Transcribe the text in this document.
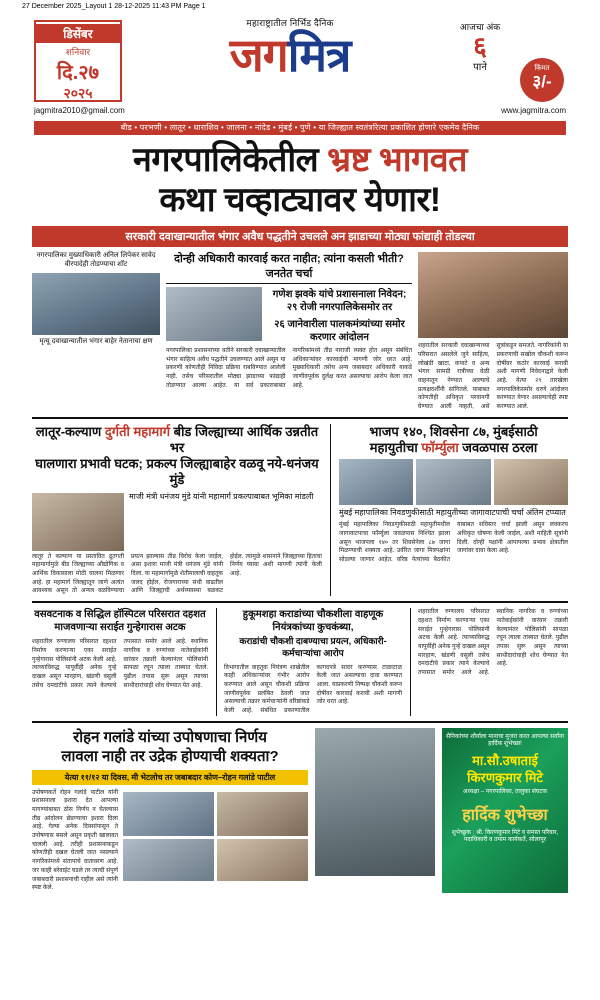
27 December 2025_Layout 1 28-12-2025 11:43 PM Page 1
डिसेंबर
शनिवार
दि.२७
२०२५
महाराष्ट्रातील निर्भिड दैनिक
जगमित्र
आजचा अंक
६
पाने	किंमत
३/-
jagmitra2010@gmail.com	www.jagmitra.com
बीड • परभणी • लातूर • धाराशिव • जालना • नांदेड • मुंबई • पुणे • या जिल्ह्यात स्वतंत्ररित्या प्रकाशित होणारे एकमेव दैनिक
नगरपालिकेतील भ्रष्ट भागवत
कथा चव्हाट्यावर येणार!
सरकारी दवाखान्यातील भंगार अवैध पद्धतीने उचलले अन झाडाच्या मोठ्या फांद्याही तोडल्या
नगरपालिका मुख्याधिकारी अनिल लिपेकर सावेद वीरपादेही तोडण्याचा शॉट
मृत्यू दवाखान्यातील भंगार बाहेर नेतानाचा क्षण
दोन्ही अधिकारी कारवाई करत नाहीत; त्यांना कसली भीती? जनतेत चर्चा
गणेश झवके यांचे प्रशासनाला निवेदन; २९ रोजी नगरपालिकेसमोर तर
२६ जानेवारीला पालकमंत्र्यांच्या समोर करणार आंदोलन
नगरपालिका प्रशासनाच्या वतीने सरकारी दवाखान्यातील भंगार साहित्य अवैध पद्धतीने उचलण्यात आले असून या प्रकरणी कोणतीही निविदा प्रक्रिया राबविण्यात आलेली नाही. तसेच परिसरातील मोठ्या झाडाच्या फांद्याही तोडण्यात आल्या आहेत. या सर्व प्रकाराबाबत नागरिकांमध्ये तीव्र नाराजी व्यक्त होत असून संबंधित अधिकाऱ्यांवर कारवाईची मागणी जोर धरत आहे. मुख्याधिकारी तसेच अन्य जबाबदार अधिकारी याकडे जाणीवपूर्वक दुर्लक्ष करत असल्याचा आरोप केला जात आहे.
शहरातील सरकारी दवाखान्याच्या परिसरात असलेले जुने साहित्य, लोखंडी खाटा, कपाटे व अन्य भंगार सामग्री रात्रीच्या वेळी वाहनातून नेण्यात आल्याचे प्रत्यक्षदर्शींनी सांगितले. याबाबत कोणतीही अधिकृत परवानगी घेण्यात आली नव्हती, असे सूत्रांकडून समजते. नागरिकांनी या प्रकरणाची सखोल चौकशी करून दोषींवर कठोर कारवाई करावी अशी मागणी निवेदनाद्वारे केली आहे. येत्या २९ तारखेला नगरपालिकेसमोर धरणे आंदोलन करण्यात येणार असल्याचेही स्पष्ट करण्यात आले.
लातूर-कल्याण दुर्गती महामार्ग बीड जिल्ह्याच्या आर्थिक उन्नतीत भर
घालणारा प्रभावी घटक; प्रकल्प जिल्ह्याबाहेर वळवू नये-धनंजय मुंडे
माजी मंत्री धनंजय मुंडे यांनी महामार्ग प्रकल्पाबाबत भूमिका मांडली
लातूर ते कल्याण या प्रस्तावित द्रुतगती महामार्गामुळे बीड जिल्ह्याच्या औद्योगिक व आर्थिक विकासाला मोठी चालना मिळणार आहे. हा महामार्ग जिल्ह्यातून जाणे अत्यंत आवश्यक असून तो अन्यत्र वळविण्याचा प्रयत्न झाल्यास तीव्र विरोध केला जाईल, असा इशारा माजी मंत्री धनंजय मुंडे यांनी दिला. या महामार्गामुळे शेतीमालाची वाहतूक जलद होईल, रोजगाराच्या संधी वाढतील आणि जिल्ह्याची अर्थव्यवस्था बळकट होईल. त्यामुळे शासनाने जिल्ह्याच्या हिताचा निर्णय घ्यावा अशी मागणी त्यांनी केली आहे.
भाजप १४०, शिवसेना ८७, मुंबईसाठी
महायुतीचा फॉर्म्युला जवळपास ठरला
मुंबई महापालिका निवडणुकीसाठी महायुतीच्या जागावाटपाची चर्चा अंतिम टप्प्यात
मुंबई महापालिका निवडणुकीसाठी महायुतीमधील जागावाटपाचा फॉर्म्युला जवळपास निश्चित झाला असून भाजपला १४० तर शिवसेनेला ८७ जागा मिळण्याची शक्यता आहे. उर्वरित जागा मित्रपक्षांना सोडल्या जाणार आहेत. वरिष्ठ नेत्यांच्या बैठकीत याबाबत सविस्तर चर्चा झाली असून लवकरच अधिकृत घोषणा केली जाईल, अशी माहिती सूत्रांनी दिली. दोन्ही पक्षांनी आपापल्या प्रभाव क्षेत्रातील जागांवर दावा केला आहे.
वसवटनाक व सिद्धिल हॉस्पिटल परिसरात दहशत माजवणाऱ्या सराईत गुन्हेगारास अटक
शहरातील रुग्णालय परिसरात दहशत निर्माण करणाऱ्या एका सराईत गुन्हेगारास पोलिसांनी अटक केली आहे. त्याच्याविरुद्ध यापूर्वीही अनेक गुन्हे दाखल असून मारहाण, खंडणी वसुली तसेच दमदाटीचे प्रकार त्याने केल्याचे तपासात समोर आले आहे. स्थानिक नागरिक व रुग्णांच्या नातेवाईकांनी वारंवार तक्रारी केल्यानंतर पोलिसांनी सापळा रचून त्याला ताब्यात घेतले. पुढील तपास सुरू असून त्याच्या साथीदारांचाही शोध घेण्यात येत आहे.
हुकूमशहा कराडांच्या चौकशीला वाहणूक नियंत्रकांच्या कुचकंब्या,
कराडांची चौकशी दाबण्याचा प्रयत्न, अधिकारी-कर्मचाऱ्यांचा आरोप
विभागातील वाहतूक नियंत्रण शाखेतील काही अधिकाऱ्यांवर गंभीर आरोप करण्यात आले असून चौकशी प्रक्रिया जाणीवपूर्वक प्रलंबित ठेवली जात असल्याची तक्रार कर्मचाऱ्यांनी वरिष्ठांकडे केली आहे. संबंधित प्रकरणातील कागदपत्रे सादर करण्यास टाळाटाळ केली जात असल्याचा दावा करण्यात आला. याप्रकरणी निष्पक्ष चौकशी करून दोषींवर कारवाई करावी अशी मागणी जोर धरत आहे.
शहरातील रुग्णालय परिसरात दहशत निर्माण करणाऱ्या एका सराईत गुन्हेगारास पोलिसांनी अटक केली आहे. त्याच्याविरुद्ध यापूर्वीही अनेक गुन्हे दाखल असून मारहाण, खंडणी वसुली तसेच दमदाटीचे प्रकार त्याने केल्याचे तपासात समोर आले आहे. स्थानिक नागरिक व रुग्णांच्या नातेवाईकांनी वारंवार तक्रारी केल्यानंतर पोलिसांनी सापळा रचून त्याला ताब्यात घेतले. पुढील तपास सुरू असून त्याच्या साथीदारांचाही शोध घेण्यात येत आहे.
रोहन गलांडे यांच्या उपोषणाचा निर्णय
लावला नाही तर उद्रेक होण्याची शक्यता?
येत्या ११/१२ या दिवस, मी भेटलोच तर जबाबदार कोण–रोहन गलांडे पाटील
उपोषणकर्ते रोहन गलांडे पाटील यांनी प्रशासनाला इशारा देत आपल्या मागण्यांबाबत ठोस निर्णय न घेतल्यास तीव्र आंदोलन छेडण्याचा इशारा दिला आहे. गेल्या अनेक दिवसांपासून ते उपोषणास बसले असून प्रकृती खालावत चालली आहे. तरीही प्रशासनाकडून कोणतीही दखल घेतली जात नसल्याने नागरिकांमध्ये संतापाचे वातावरण आहे. जर काही बरेवाईट घडले तर त्याची संपूर्ण जबाबदारी प्रशासनाची राहील असे त्यांनी स्पष्ट केले.
सैनिकांच्या शौर्याला मानाचा मुजरा करत आपल्या सर्वांना हार्दिक शुभेच्छा!
मा.सौ.उषाताई
किरणकुमार मिटे
अध्यक्षा – नगरपालिका, तालुका संघटक
हार्दिक शुभेच्छा
शुभेच्छुक : श्री. किरणकुमार मिटे व समस्त परिवार, पदाधिकारी व तमाम कार्यकर्ते, सोलापूर
